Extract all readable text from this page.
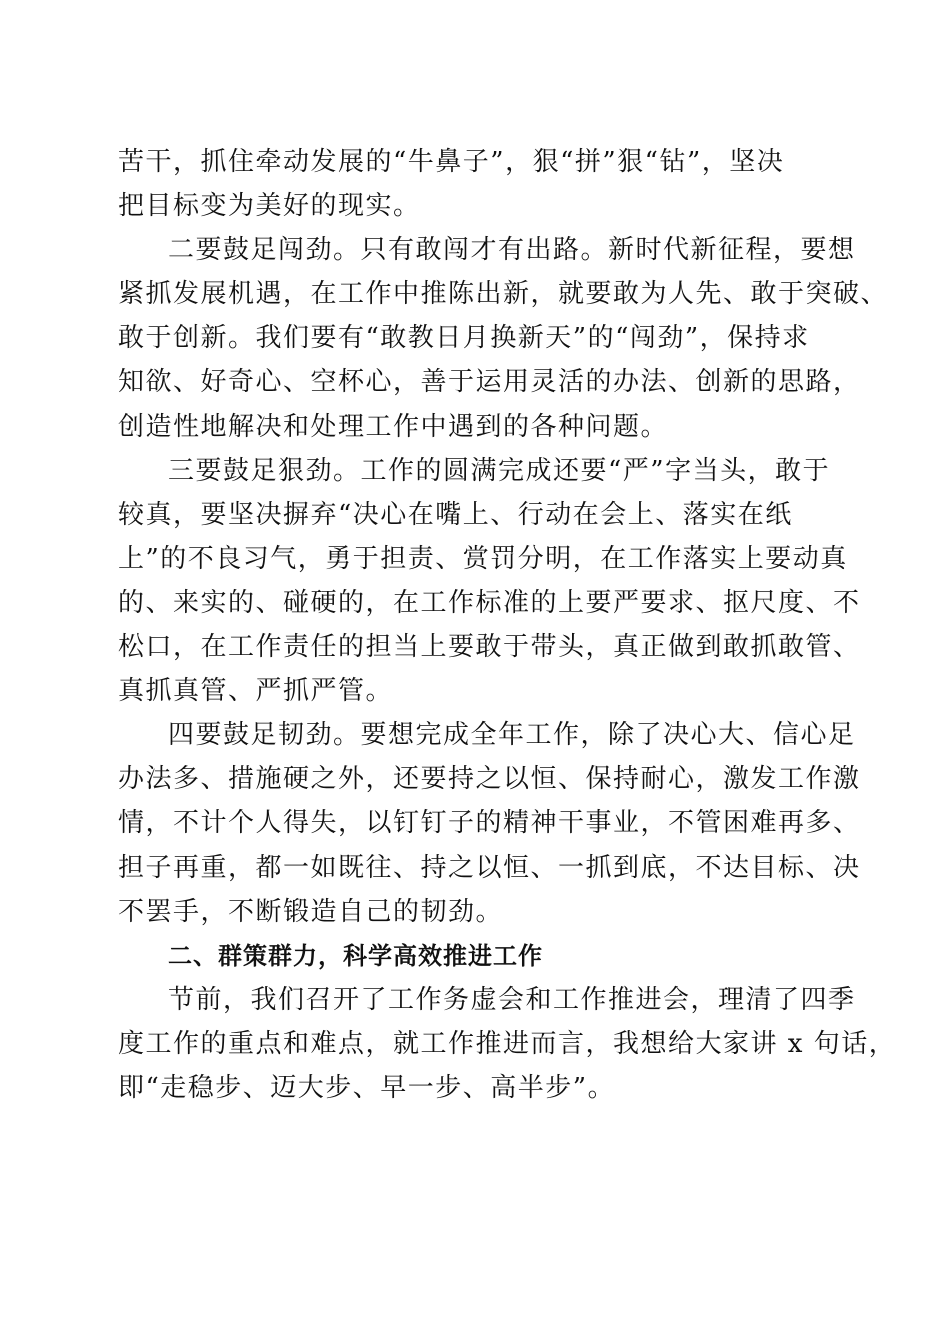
苦干，抓住牵动发展的“牛鼻子”，狠“拼”狠“钻”，坚决
把目标变为美好的现实。
二要鼓足闯劲。只有敢闯才有出路。新时代新征程，要想
紧抓发展机遇，在工作中推陈出新，就要敢为人先、敢于突破、
敢于创新。我们要有“敢教日月换新天”的“闯劲”，保持求
知欲、好奇心、空杯心，善于运用灵活的办法、创新的思路，
创造性地解决和处理工作中遇到的各种问题。
三要鼓足狠劲。工作的圆满完成还要“严”字当头，敢于
较真，要坚决摒弃“决心在嘴上、行动在会上、落实在纸
上”的不良习气，勇于担责、赏罚分明，在工作落实上要动真
的、来实的、碰硬的，在工作标准的上要严要求、抠尺度、不
松口，在工作责任的担当上要敢于带头，真正做到敢抓敢管、
真抓真管、严抓严管。
四要鼓足韧劲。要想完成全年工作，除了决心大、信心足
办法多、措施硬之外，还要持之以恒、保持耐心，激发工作激
情，不计个人得失，以钉钉子的精神干事业，不管困难再多、
担子再重，都一如既往、持之以恒、一抓到底，不达目标、决
不罢手，不断锻造自己的韧劲。
二、群策群力，科学高效推进工作
节前，我们召开了工作务虚会和工作推进会，理清了四季
度工作的重点和难点，就工作推进而言，我想给大家讲 x 句话，
即“走稳步、迈大步、早一步、高半步”。
